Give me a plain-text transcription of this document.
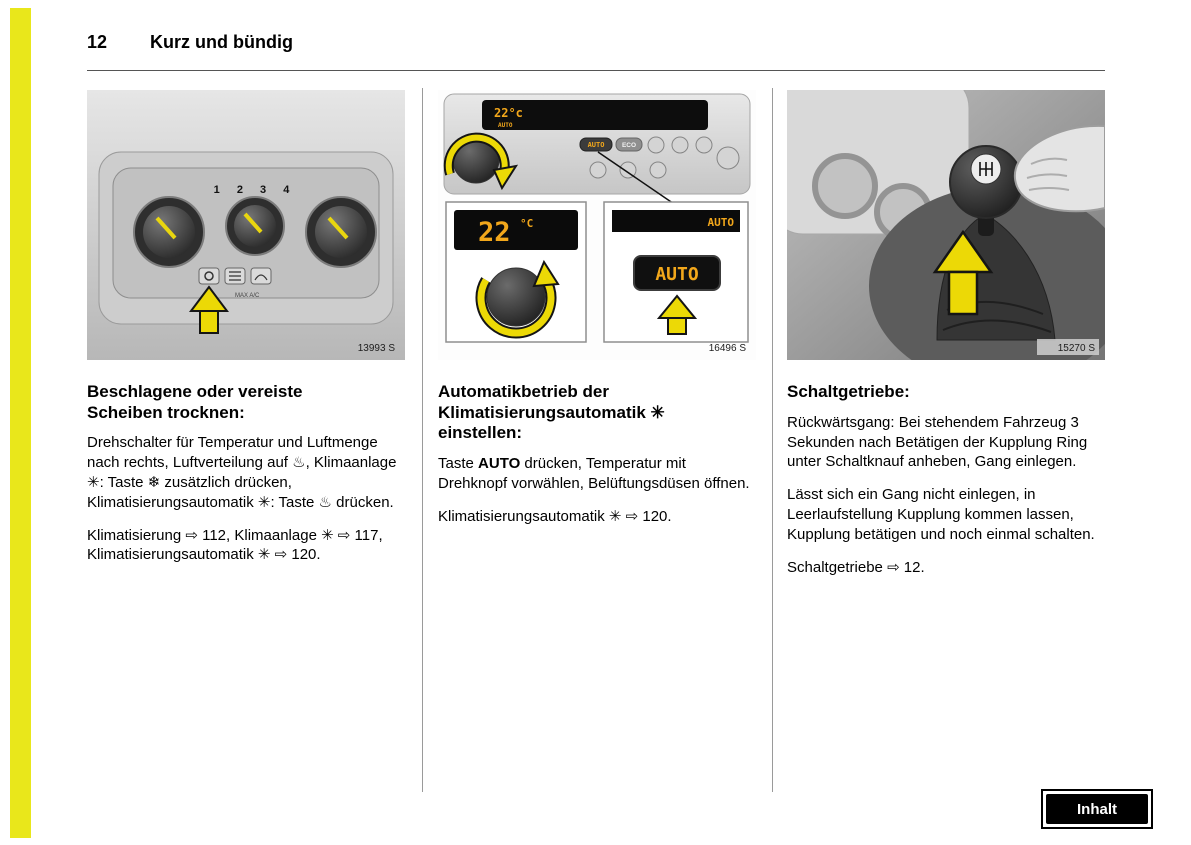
12	Kurz und bündig
1 2 3 4
MAX A/C
13993 S
Beschlagene oder vereiste Scheiben trocknen:

Drehschalter für Temperatur und Luftmenge nach rechts, Luftverteilung auf ♨, Klimaanlage ✳: Taste ❄ zusätzlich drücken, Klimatisierungsautomatik ✳: Taste ♨ drücken.

Klimatisierung ⇨ 112, Klimaanlage ✳ ⇨ 117, Klimatisierungsautomatik ✳ ⇨ 120.

22°c
AUTO
AUTO	ECO
22 °C	AUTO
AUTO
16496 S
Automatikbetrieb der Klimatisierungsautomatik ✳ einstellen:

Taste AUTO drücken, Temperatur mit Drehknopf vorwählen, Belüftungsdüsen öffnen.

Klimatisierungsautomatik ✳ ⇨ 120.

15270 S
Schaltgetriebe:

Rückwärtsgang: Bei stehendem Fahrzeug 3 Sekunden nach Betätigen der Kupplung Ring unter Schaltknauf anheben, Gang einlegen.

Lässt sich ein Gang nicht einlegen, in Leerlaufstellung Kupplung kommen lassen, Kupplung betätigen und noch einmal schalten.

Schaltgetriebe ⇨ 12.

Inhalt
